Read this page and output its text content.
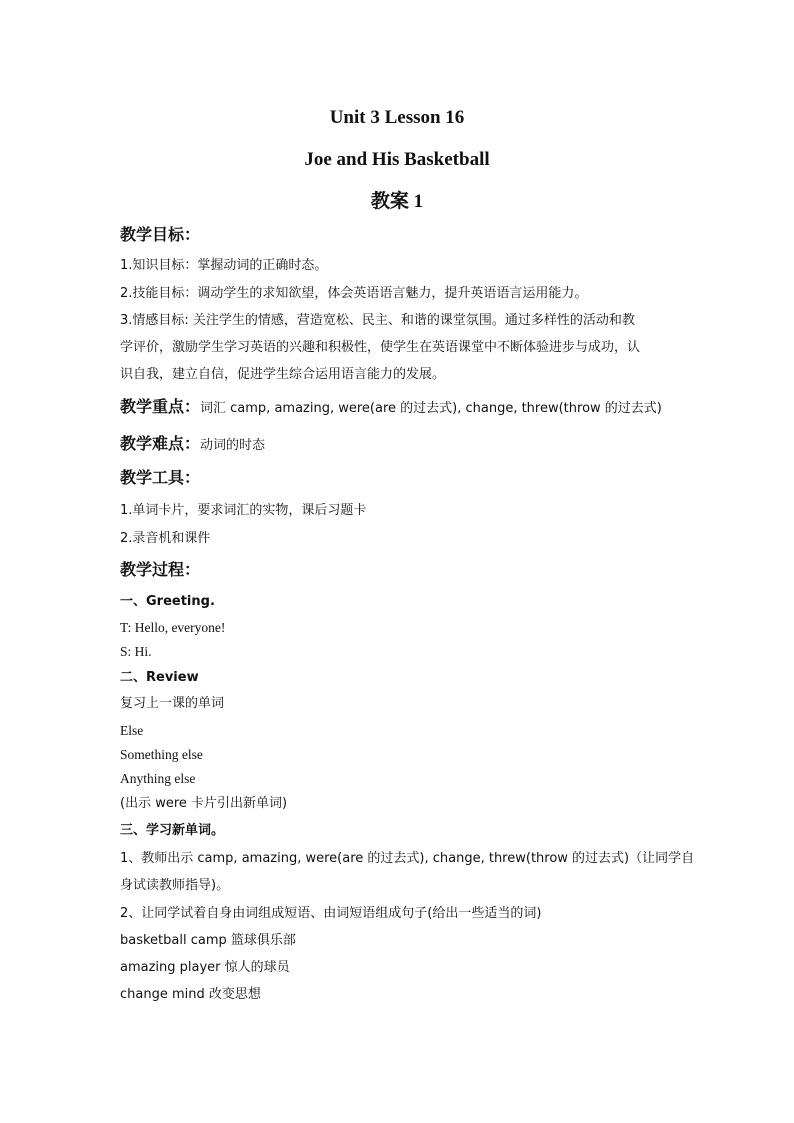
Unit 3 Lesson 16
Joe and His Basketball
教案 1
教学目标：
1.知识目标：掌握动词的正确时态。
2.技能目标：调动学生的求知欲望，体会英语语言魅力，提升英语语言运用能力。
3.情感目标: 关注学生的情感，营造宽松、民主、和谐的课堂氛围。通过多样性的活动和教
学评价，激励学生学习英语的兴趣和积极性，使学生在英语课堂中不断体验进步与成功，认
识自我，建立自信，促进学生综合运用语言能力的发展。
教学重点：词汇 camp, amazing, were(are 的过去式), change, threw(throw 的过去式)
教学难点：动词的时态
教学工具：
1.单词卡片，要求词汇的实物，课后习题卡
2.录音机和课件
教学过程：
一、Greeting.
T: Hello, everyone!
S: Hi.
二、Review
复习上一课的单词
Else
Something else
Anything else
(出示 were 卡片引出新单词)
三、学习新单词。
1、教师出示 camp, amazing, were(are 的过去式), change, threw(throw 的过去式)（让同学自
身试读教师指导)。
2、让同学试着自身由词组成短语、由词短语组成句子(给出一些适当的词)
basketball camp 篮球俱乐部
amazing player 惊人的球员
change mind 改变思想
